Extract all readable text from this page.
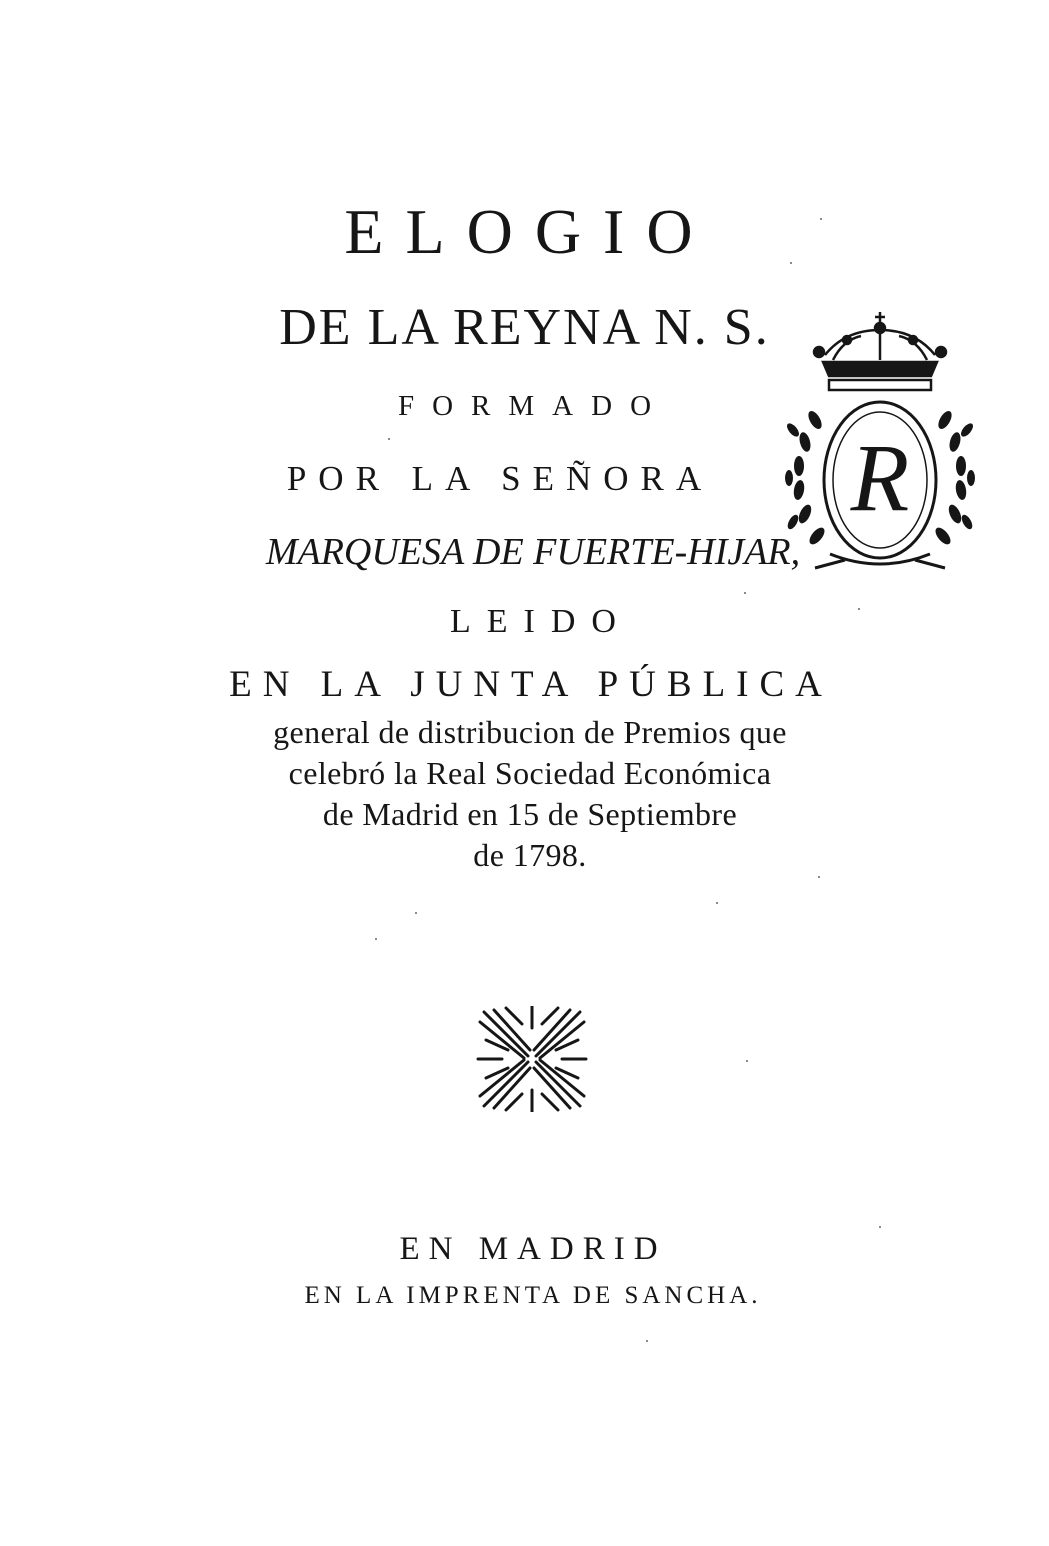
ELOGIO
DE LA REYNA N. S.
FORMADO
POR LA SEÑORA
MARQUESA DE FUERTE-HIJAR,
LEIDO
EN LA JUNTA PÚBLICA
general de distribucion de Premios que
celebró la Real Sociedad Económica
de Madrid en 15 de Septiembre
de 1798.
R
EN MADRID
EN LA IMPRENTA DE SANCHA.
